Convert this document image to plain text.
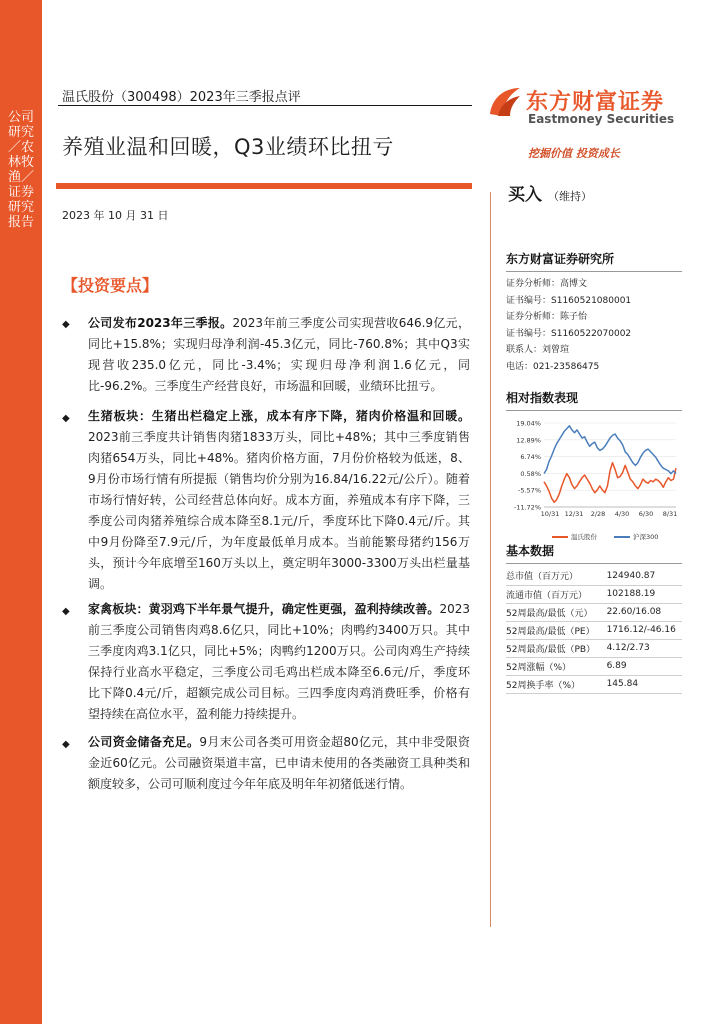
公司研究／农林牧渔／证券研究报告
温氏股份（300498）2023年三季报点评
养殖业温和回暖，Q3业绩环比扭亏
2023 年 10 月 31 日
东方财富证券
Eastmoney Securities
挖掘价值 投资成长
买入 （维持）
【投资要点】
◆ 公司发布2023年三季报。2023年前三季度公司实现营收646.9亿元，同比+15.8%；实现归母净利润-45.3亿元，同比-760.8%；其中Q3实现营收235.0亿元，同比-3.4%；实现归母净利润1.6亿元，同比-96.2%。三季度生产经营良好，市场温和回暖，业绩环比扭亏。
◆ 生猪板块：生猪出栏稳定上涨，成本有序下降，猪肉价格温和回暖。2023前三季度共计销售肉猪1833万头，同比+48%；其中三季度销售肉猪654万头，同比+48%。猪肉价格方面，7月份价格较为低迷，8、9月份市场行情有所提振（销售均价分别为16.84/16.22元/公斤）。随着市场行情好转，公司经营总体向好。成本方面，养殖成本有序下降，三季度公司肉猪养殖综合成本降至8.1元/斤，季度环比下降0.4元/斤。其中9月份降至7.9元/斤，为年度最低单月成本。当前能繁母猪约156万头，预计今年底增至160万头以上，奠定明年3000-3300万头出栏量基调。
◆ 家禽板块：黄羽鸡下半年景气提升，确定性更强，盈利持续改善。2023前三季度公司销售肉鸡8.6亿只，同比+10%；肉鸭约3400万只。其中三季度肉鸡3.1亿只，同比+5%；肉鸭约1200万只。公司肉鸡生产持续保持行业高水平稳定，三季度公司毛鸡出栏成本降至6.6元/斤，季度环比下降0.4元/斤，超额完成公司目标。三四季度肉鸡消费旺季，价格有望持续在高位水平，盈利能力持续提升。
◆ 公司资金储备充足。9月末公司各类可用资金超80亿元，其中非受限资金近60亿元。公司融资渠道丰富，已申请未使用的各类融资工具种类和额度较多，公司可顺利度过今年年底及明年年初猪低迷行情。
东方财富证券研究所
证券分析师：高博文
证书编号：S1160521080001
证券分析师：陈子怡
证书编号：S1160522070002
联系人：刘曾瑄
电话：021-23586475
相对指数表现
19.04%
12.89%
6.74%
0.58%
-5.57%
-11.72%
10/31 12/31 2/28 4/30 6/30 8/31
温氏股份	沪深300
基本数据
总市值（百万元）	124940.87
流通市值（百万元）	102188.19
52周最高/最低（元）	22.60/16.08
52周最高/最低（PE）	1716.12/-46.16
52周最高/最低（PB）	4.12/2.73
52周涨幅（%）	6.89
52周换手率（%）	145.84
